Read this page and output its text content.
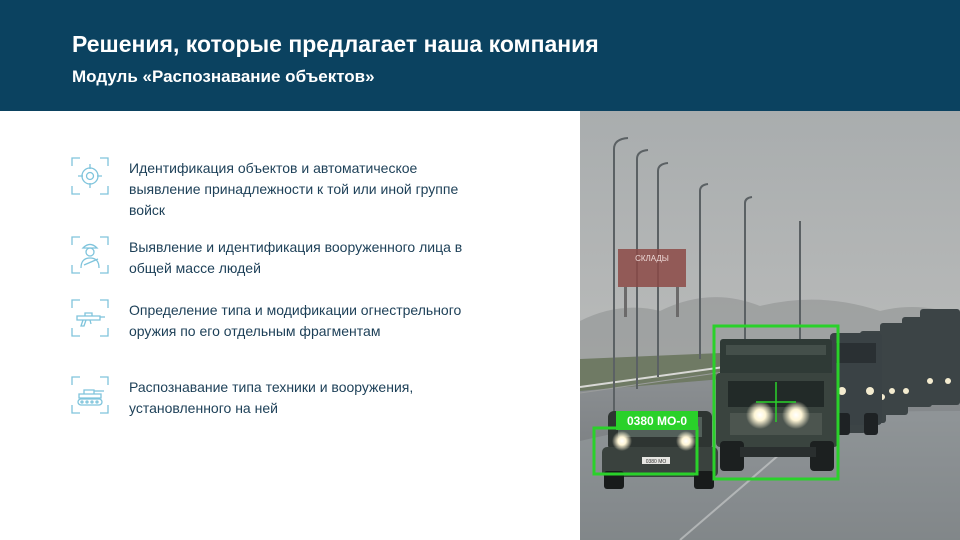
Решения, которые предлагает наша компания
Модуль «Распознавание объектов»
Идентификация объектов и автоматическое выявление принадлежности к той или иной группе войск
Выявление и идентификация вооруженного лица в общей массе людей
Определение типа и модификации огнестрельного оружия по его отдельным фрагментам
Распознавание типа техники и вооружения, установленного на ней
СКЛАДЫ
0380 МО
0380 МО-0
